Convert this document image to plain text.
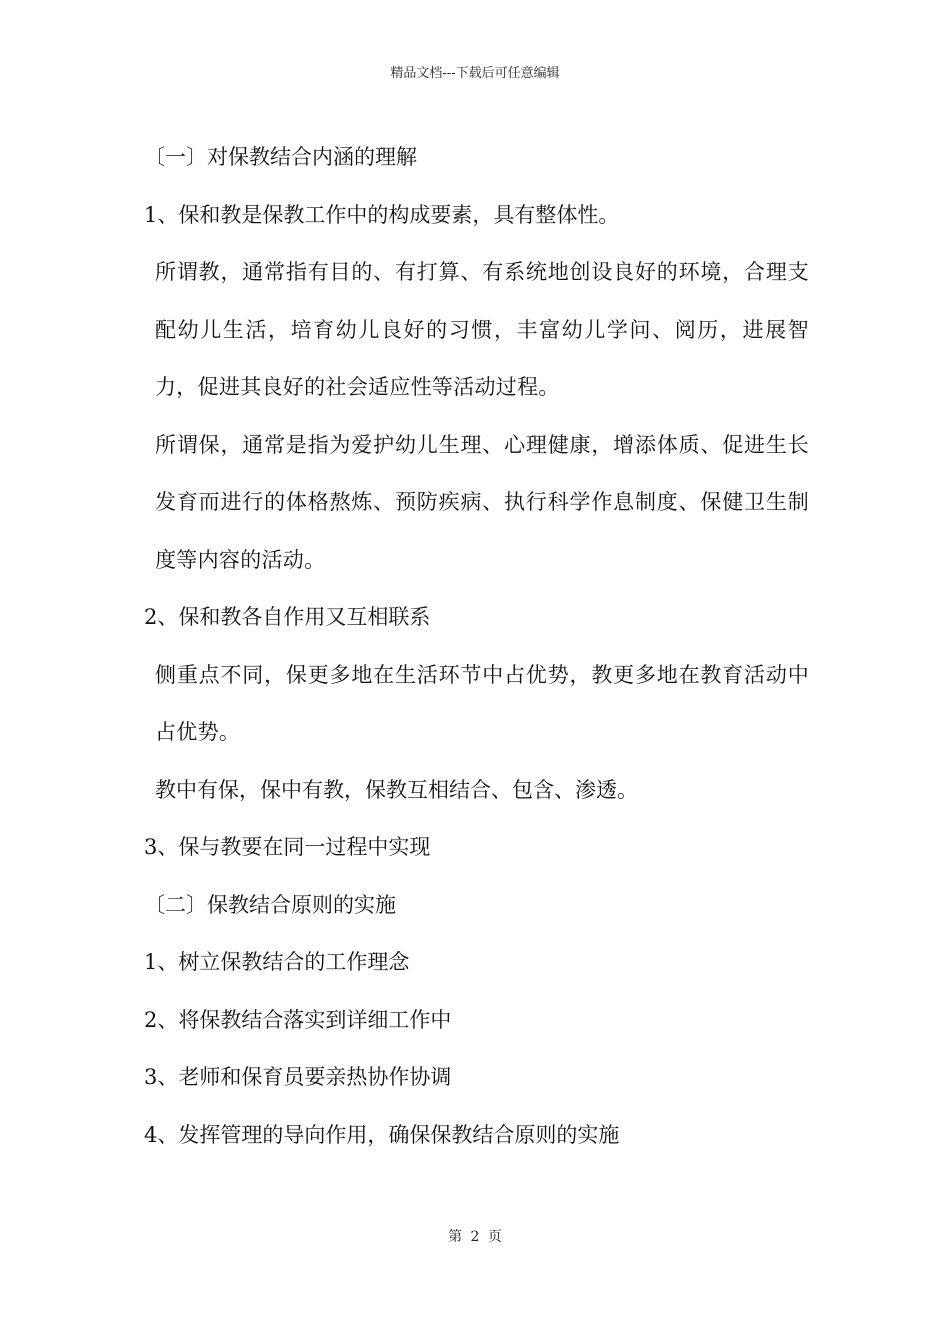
精品文档---下载后可任意编辑

〔一〕对保教结合内涵的理解

1、保和教是保教工作中的构成要素，具有整体性。

所谓教，通常指有目的、有打算、有系统地创设良好的环境，合理支配幼儿生活，培育幼儿良好的习惯，丰富幼儿学问、阅历，进展智力，促进其良好的社会适应性等活动过程。

所谓保，通常是指为爱护幼儿生理、心理健康，增添体质、促进生长发育而进行的体格熬炼、预防疾病、执行科学作息制度、保健卫生制度等内容的活动。

2、保和教各自作用又互相联系

侧重点不同，保更多地在生活环节中占优势，教更多地在教育活动中占优势。

教中有保，保中有教，保教互相结合、包含、渗透。

3、保与教要在同一过程中实现

〔二〕保教结合原则的实施

1、树立保教结合的工作理念

2、将保教结合落实到详细工作中

3、老师和保育员要亲热协作协调

4、发挥管理的导向作用，确保保教结合原则的实施

第 2 页
